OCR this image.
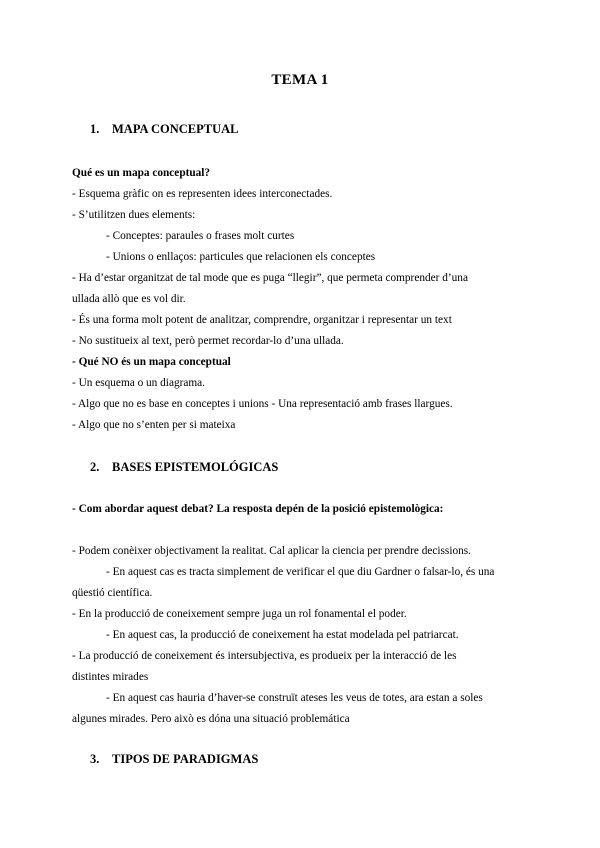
TEMA 1
1. MAPA CONCEPTUAL
Qué es un mapa conceptual?
- Esquema gràfic on es representen idees interconectades.
- S’utilitzen dues elements:
- Conceptes: paraules o frases molt curtes
- Unions o enllaços: particules que relacionen els conceptes
- Ha d’estar organitzat de tal mode que es puga “llegir”, que permeta comprender d’una
ullada allò que es vol dir.
- És una forma molt potent de analitzar, comprendre, organitzar i representar un text
- No sustitueix al text, però permet recordar-lo d’una ullada.
- Qué NO és un mapa conceptual
- Un esquema o un diagrama.
- Algo que no es base en conceptes i unions - Una representació amb frases llargues.
- Algo que no s’enten per si mateixa
2. BASES EPISTEMOLÓGICAS
- Com abordar aquest debat? La resposta depén de la posició epistemològica:
- Podem conèixer objectivament la realitat. Cal aplicar la ciencia per prendre decissions.
- En aquest cas es tracta simplement de verificar el que diu Gardner o falsar-lo, és una
qüestió científica.
- En la producció de coneixement sempre juga un rol fonamental el poder.
- En aquest cas, la producció de coneixement ha estat modelada pel patriarcat.
- La producció de coneixement és intersubjectiva, es produeix per la interacció de les
distintes mirades
- En aquest cas hauria d’haver-se construït ateses les veus de totes, ara estan a soles
algunes mirades. Pero això es dóna una situació problemática
3. TIPOS DE PARADIGMAS
